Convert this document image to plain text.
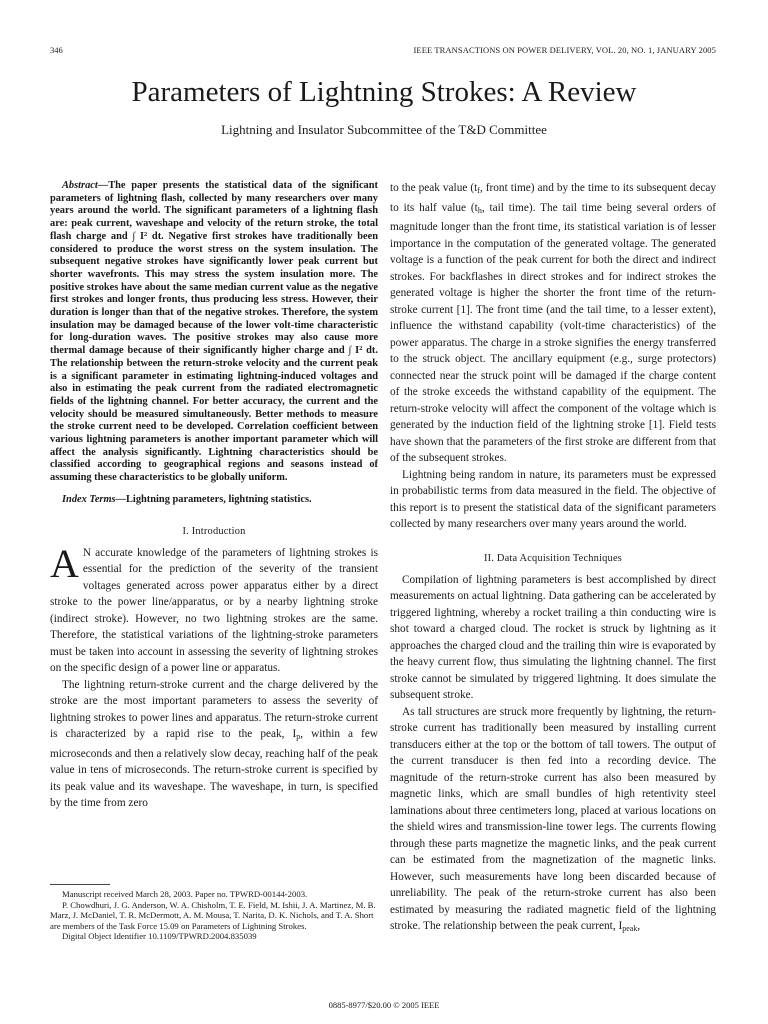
346	IEEE TRANSACTIONS ON POWER DELIVERY, VOL. 20, NO. 1, JANUARY 2005
Parameters of Lightning Strokes: A Review
Lightning and Insulator Subcommittee of the T&D Committee

Abstract—The paper presents the statistical data of the significant parameters of lightning flash, collected by many researchers over many years around the world. The significant parameters of a lightning flash are: peak current, waveshape and velocity of the return stroke, the total flash charge and ∫ I² dt. Negative first strokes have traditionally been considered to produce the worst stress on the system insulation. The subsequent negative strokes have significantly lower peak current but shorter wavefronts. This may stress the system insulation more. The positive strokes have about the same median current value as the negative first strokes and longer fronts, thus producing less stress. However, their duration is longer than that of the negative strokes. Therefore, the system insulation may be damaged because of the lower volt-time characteristic for long-duration waves. The positive strokes may also cause more thermal damage because of their significantly higher charge and ∫ I² dt. The relationship between the return-stroke velocity and the current peak is a significant parameter in estimating lightning-induced voltages and also in estimating the peak current from the radiated electromagnetic fields of the lightning channel. For better accuracy, the current and the velocity should be measured simultaneously. Better methods to measure the stroke current need to be developed. Correlation coefficient between various lightning parameters is another important parameter which will affect the analysis significantly. Lightning characteristics should be classified according to geographical regions and seasons instead of assuming these characteristics to be globally uniform.

Index Terms—Lightning parameters, lightning statistics.

I. Introduction

A N accurate knowledge of the parameters of lightning strokes is essential for the prediction of the severity of the transient voltages generated across power apparatus either by a direct stroke to the power line/apparatus, or by a nearby lightning stroke (indirect stroke). However, no two lightning strokes are the same. Therefore, the statistical variations of the lightning-stroke parameters must be taken into account in assessing the severity of lightning strokes on the specific design of a power line or apparatus.

The lightning return-stroke current and the charge delivered by the stroke are the most important parameters to assess the severity of lightning strokes to power lines and apparatus. The return-stroke current is characterized by a rapid rise to the peak, $I_p$, within a few microseconds and then a relatively slow decay, reaching half of the peak value in tens of microseconds. The return-stroke current is specified by its peak value and its waveshape. The waveshape, in turn, is specified by the time from zero

Manuscript received March 28, 2003. Paper no. TPWRD-00144-2003.

P. Chowdhuri, J. G. Anderson, W. A. Chisholm, T. E. Field, M. Ishii, J. A. Martinez, M. B. Marz, J. McDaniel, T. R. McDermott, A. M. Mousa, T. Narita, D. K. Nichols, and T. A. Short are members of the Task Force 15.09 on Parameters of Lightning Strokes.

Digital Object Identifier 10.1109/TPWRD.2004.835039

to the peak value ($t_f$, front time) and by the time to its subsequent decay to its half value ($t_h$, tail time). The tail time being several orders of magnitude longer than the front time, its statistical variation is of lesser importance in the computation of the generated voltage. The generated voltage is a function of the peak current for both the direct and indirect strokes. For backflashes in direct strokes and for indirect strokes the generated voltage is higher the shorter the front time of the return-stroke current [1]. The front time (and the tail time, to a lesser extent), influence the withstand capability (volt-time characteristics) of the power apparatus. The charge in a stroke signifies the energy transferred to the struck object. The ancillary equipment (e.g., surge protectors) connected near the struck point will be damaged if the charge content of the stroke exceeds the withstand capability of the equipment. The return-stroke velocity will affect the component of the voltage which is generated by the induction field of the lightning stroke [1]. Field tests have shown that the parameters of the first stroke are different from that of the subsequent strokes.

Lightning being random in nature, its parameters must be expressed in probabilistic terms from data measured in the field. The objective of this report is to present the statistical data of the significant parameters collected by many researchers over many years around the world.

II. Data Acquisition Techniques

Compilation of lightning parameters is best accomplished by direct measurements on actual lightning. Data gathering can be accelerated by triggered lightning, whereby a rocket trailing a thin conducting wire is shot toward a charged cloud. The rocket is struck by lightning as it approaches the charged cloud and the trailing thin wire is evaporated by the heavy current flow, thus simulating the lightning channel. The first stroke cannot be simulated by triggered lightning. It does simulate the subsequent stroke.

As tall structures are struck more frequently by lightning, the return-stroke current has traditionally been measured by installing current transducers either at the top or the bottom of tall towers. The output of the current transducer is then fed into a recording device. The magnitude of the return-stroke current has also been measured by magnetic links, which are small bundles of high retentivity steel laminations about three centimeters long, placed at various locations on the shield wires and transmission-line tower legs. The currents flowing through these parts magnetize the magnetic links, and the peak current can be estimated from the magnetization of the magnetic links. However, such measurements have long been discarded because of unreliability. The peak of the return-stroke current has also been estimated by measuring the radiated magnetic field of the lightning stroke. The relationship between the peak current, $I_{peak}$,

0885-8977/$20.00 © 2005 IEEE
